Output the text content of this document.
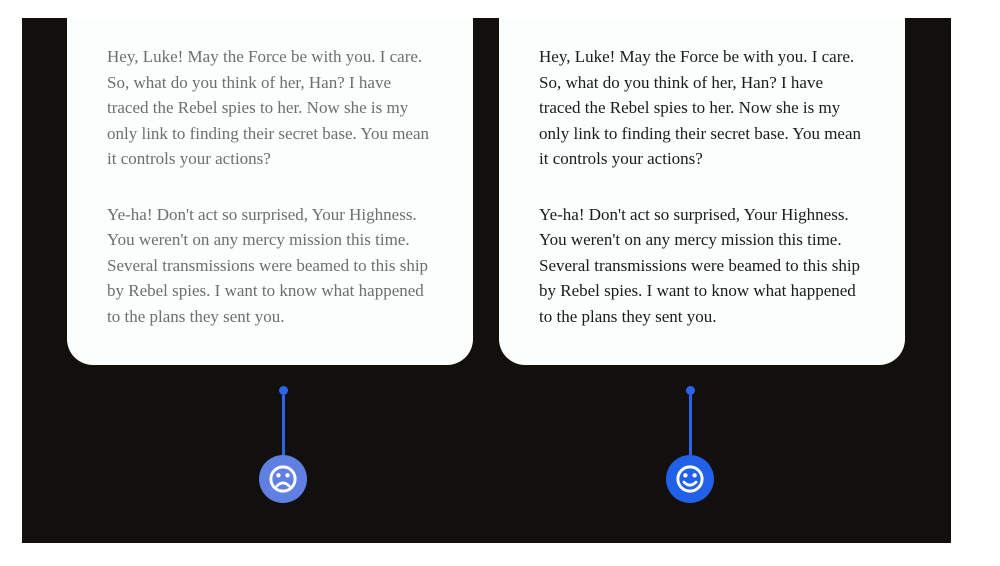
Hey, Luke! May the Force be with you. I care.
So, what do you think of her, Han? I have
traced the Rebel spies to her. Now she is my
only link to finding their secret base. You mean
it controls your actions?
Ye-ha! Don't act so surprised, Your Highness.
You weren't on any mercy mission this time.
Several transmissions were beamed to this ship
by Rebel spies. I want to know what happened
to the plans they sent you.
Hey, Luke! May the Force be with you. I care.
So, what do you think of her, Han? I have
traced the Rebel spies to her. Now she is my
only link to finding their secret base. You mean
it controls your actions?
Ye-ha! Don't act so surprised, Your Highness.
You weren't on any mercy mission this time.
Several transmissions were beamed to this ship
by Rebel spies. I want to know what happened
to the plans they sent you.
